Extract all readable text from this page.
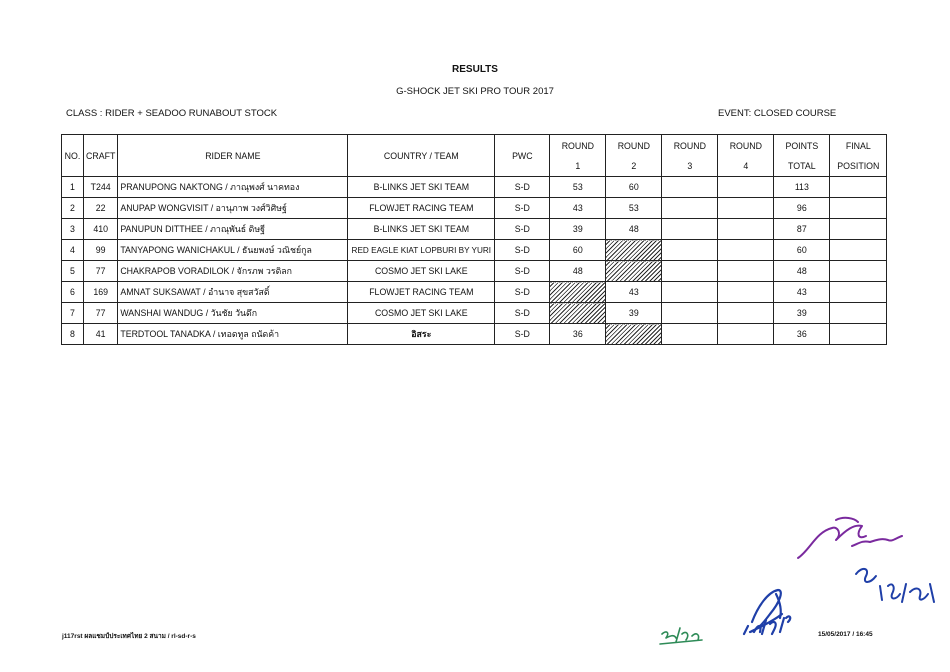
RESULTS
G-SHOCK JET SKI PRO TOUR 2017
CLASS : RIDER + SEADOO RUNABOUT STOCK	EVENT: CLOSED COURSE
NO.	CRAFT	RIDER NAME	COUNTRY / TEAM	PWC	ROUND	ROUND	ROUND	ROUND	POINTS	FINAL
					1	2	3	4	TOTAL	POSITION
1	T244	PRANUPONG NAKTONG / ภาณุพงศ์ นาคทอง	B-LINKS JET SKI TEAM	S-D	53	60			113	
2	22	ANUPAP WONGVISIT / อานุภาพ วงศ์วิศิษฐ์	FLOWJET RACING TEAM	S-D	43	53			96	
3	410	PANUPUN DITTHEE / ภาณุพันธ์ ดิษฐี	B-LINKS JET SKI TEAM	S-D	39	48			87	
4	99	TANYAPONG WANICHAKUL / ธันยพงษ์ วณิชย์กูล	RED EAGLE KIAT LOPBURI BY YURI	S-D	60				60	
5	77	CHAKRAPOB VORADILOK / จักรภพ วรดิลก	COSMO JET SKI LAKE	S-D	48				48	
6	169	AMNAT SUKSAWAT / อำนาจ สุขสวัสดิ์	FLOWJET RACING TEAM	S-D		43			43	
7	77	WANSHAI WANDUG / วันชัย วันดึก	COSMO JET SKI LAKE	S-D		39			39	
8	41	TERDTOOL TANADKA / เทอดทูล ถนัดค้า	อิสระ	S-D	36				36	
j117rst ผลแชมป์ประเทศไทย 2 สนาม / rl-sd-r-s	15/05/2017 / 16:45
